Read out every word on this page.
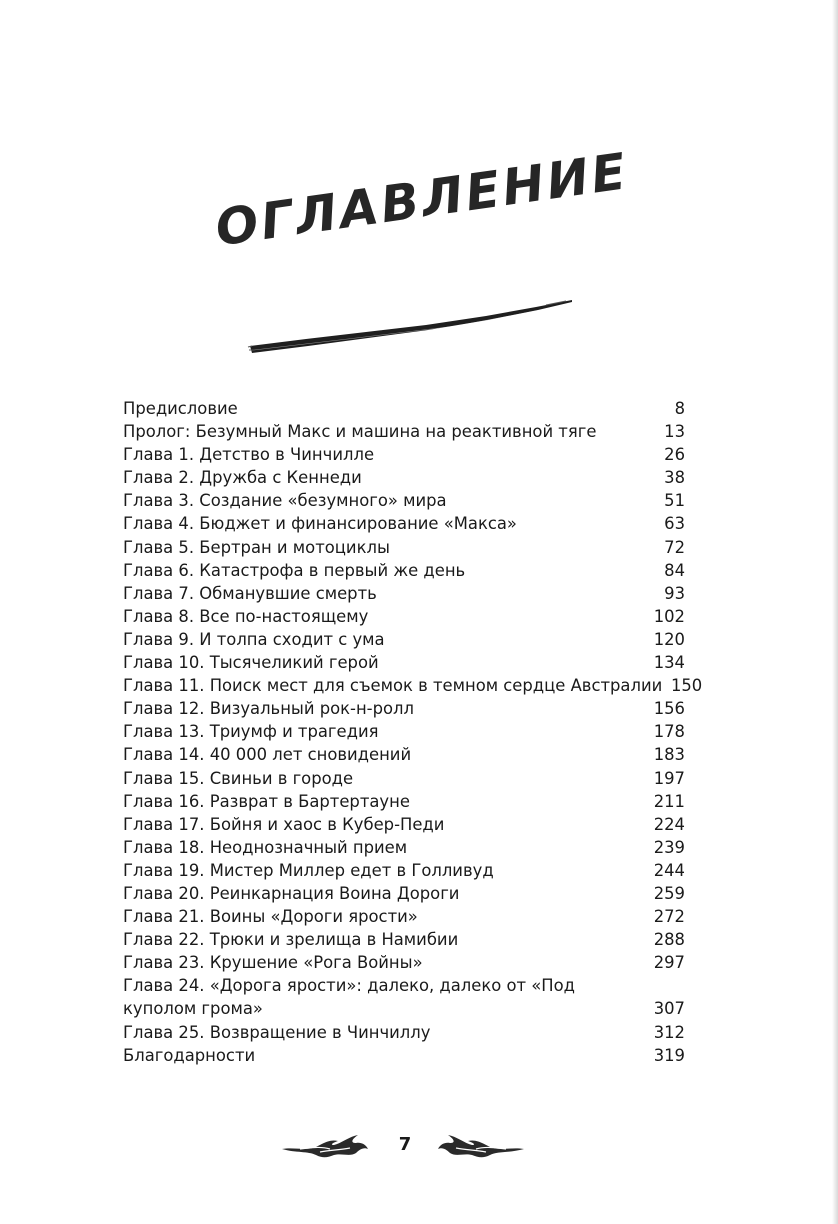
ОГЛАВЛЕНИЕ
Предисловие	8
Пролог: Безумный Макс и машина на реактивной тяге	13
Глава 1. Детство в Чинчилле	26
Глава 2. Дружба с Кеннеди	38
Глава 3. Создание «безумного» мира	51
Глава 4. Бюджет и финансирование «Макса»	63
Глава 5. Бертран и мотоциклы	72
Глава 6. Катастрофа в первый же день	84
Глава 7. Обманувшие смерть	93
Глава 8. Все по-настоящему	102
Глава 9. И толпа сходит с ума	120
Глава 10. Тысячеликий герой	134
Глава 11. Поиск мест для съемок в темном сердце Австралии 150
Глава 12. Визуальный рок-н-ролл	156
Глава 13. Триумф и трагедия	178
Глава 14. 40 000 лет сновидений	183
Глава 15. Свиньи в городе	197
Глава 16. Разврат в Бартертауне	211
Глава 17. Бойня и хаос в Кубер-Педи	224
Глава 18. Неоднозначный прием	239
Глава 19. Мистер Миллер едет в Голливуд	244
Глава 20. Реинкарнация Воина Дороги	259
Глава 21. Воины «Дороги ярости»	272
Глава 22. Трюки и зрелища в Намибии	288
Глава 23. Крушение «Рога Войны»	297
Глава 24. «Дорога ярости»: далеко, далеко от «Под куполом грома»	307
Глава 25. Возвращение в Чинчиллу	312
Благодарности	319
7
